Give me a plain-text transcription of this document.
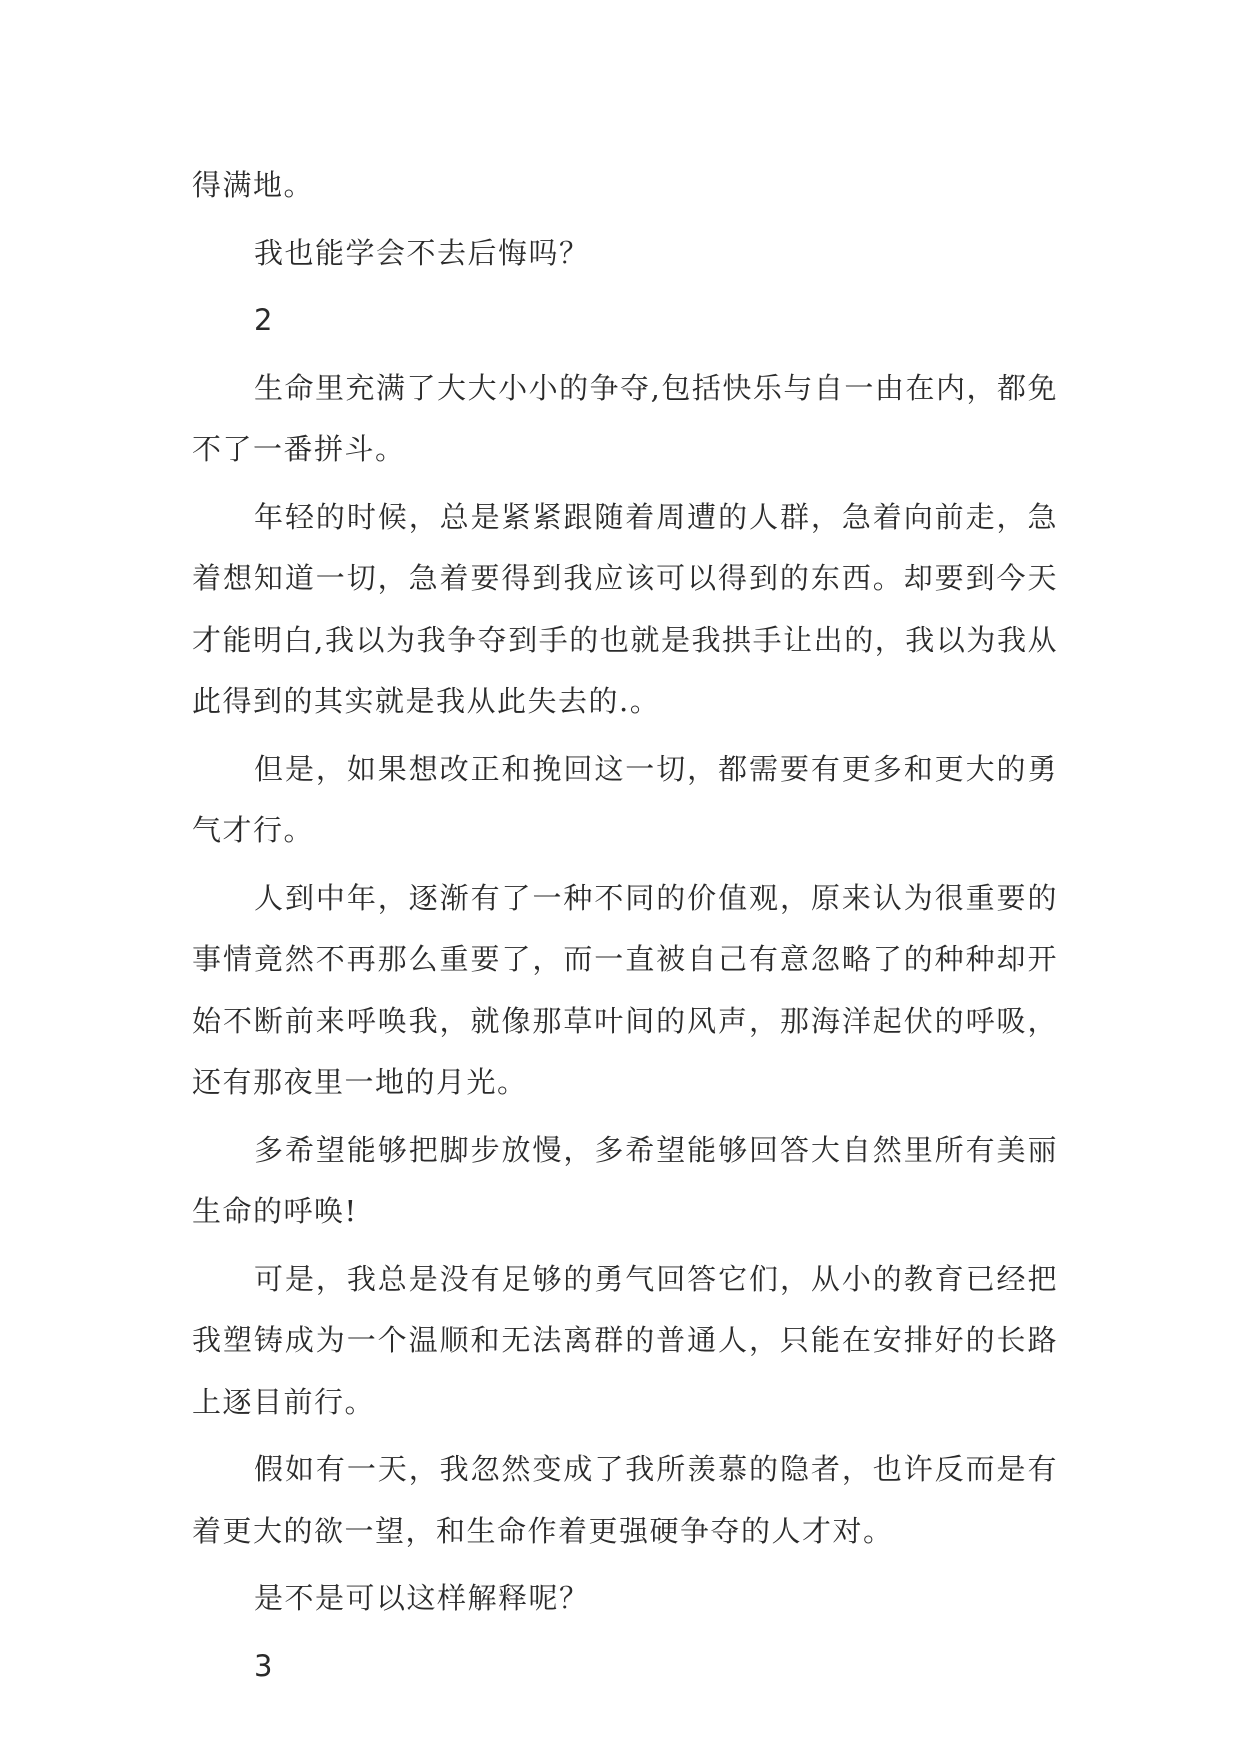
得满地。

我也能学会不去后悔吗？

2

生命里充满了大大小小的争夺,包括快乐与自一由在内，都免不了一番拼斗。

年轻的时候，总是紧紧跟随着周遭的人群，急着向前走，急着想知道一切，急着要得到我应该可以得到的东西。却要到今天才能明白,我以为我争夺到手的也就是我拱手让出的，我以为我从此得到的其实就是我从此失去的.。

但是，如果想改正和挽回这一切，都需要有更多和更大的勇气才行。

人到中年，逐渐有了一种不同的价值观，原来认为很重要的事情竟然不再那么重要了，而一直被自己有意忽略了的种种却开始不断前来呼唤我，就像那草叶间的风声，那海洋起伏的呼吸，还有那夜里一地的月光。

多希望能够把脚步放慢，多希望能够回答大自然里所有美丽生命的呼唤!

可是，我总是没有足够的勇气回答它们，从小的教育已经把我塑铸成为一个温顺和无法离群的普通人，只能在安排好的长路上逐目前行。

假如有一天，我忽然变成了我所羡慕的隐者，也许反而是有着更大的欲一望，和生命作着更强硬争夺的人才对。

是不是可以这样解释呢？

3
